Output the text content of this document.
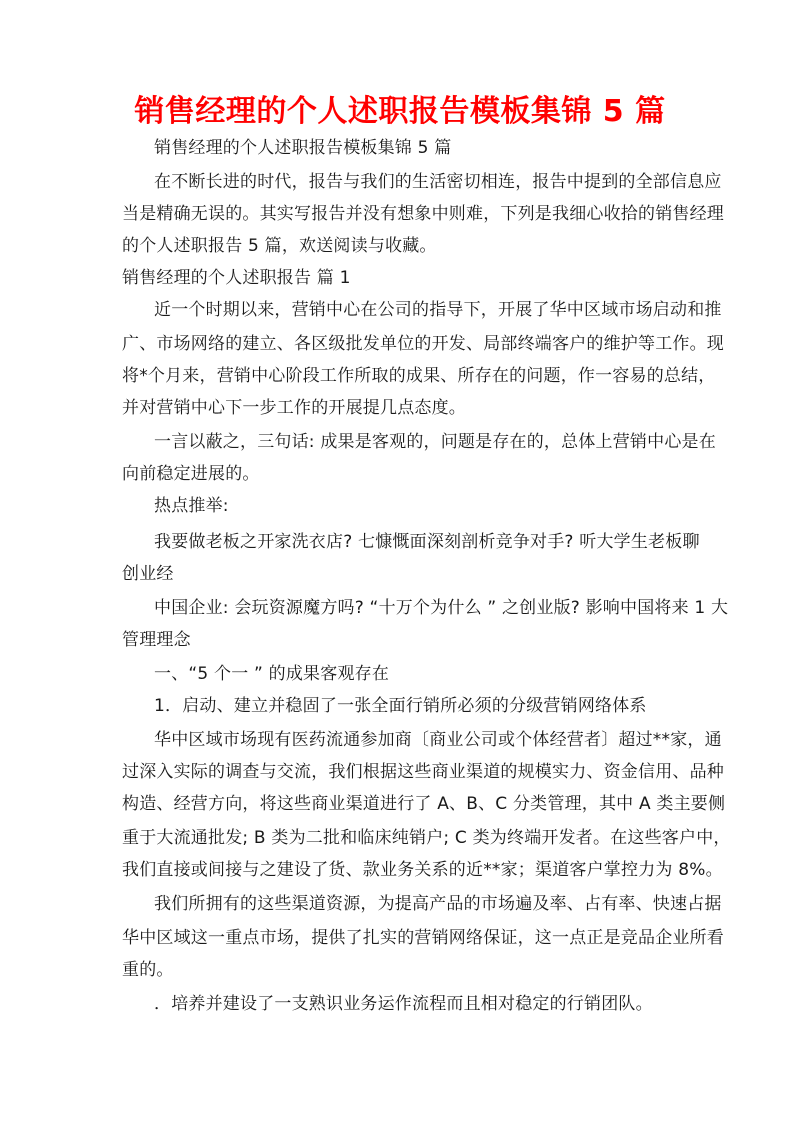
销售经理的个人述职报告模板集锦 5 篇

销售经理的个人述职报告模板集锦 5 篇

在不断长进的时代，报告与我们的生活密切相连，报告中提到的全部信息应

当是精确无误的。其实写报告并没有想象中则难，下列是我细心收拾的销售经理

的个人述职报告 5 篇，欢送阅读与收藏。

销售经理的个人述职报告 篇 1

近一个时期以来，营销中心在公司的指导下，开展了华中区域市场启动和推

广、市场网络的建立、各区级批发单位的开发、局部终端客户的维护等工作。现

将*个月来，营销中心阶段工作所取的成果、所存在的问题，作一容易的总结，

并对营销中心下一步工作的开展提几点态度。

一言以蔽之，三句话: 成果是客观的，问题是存在的，总体上营销中心是在

向前稳定进展的。

热点推举:

我要做老板之开家洗衣店? 七慷慨面深刻剖析竞争对手? 听大学生老板聊

创业经

中国企业: 会玩资源魔方吗? “十万个为什么 ” 之创业版? 影响中国将来 1 大

管理理念

一、“5 个一 ” 的成果客观存在

1．启动、建立并稳固了一张全面行销所必须的分级营销网络体系

华中区域市场现有医药流通参加商〔商业公司或个体经营者〕超过**家，通

过深入实际的调查与交流，我们根据这些商业渠道的规模实力、资金信用、品种

构造、经营方向，将这些商业渠道进行了 A、B、C 分类管理，其中 A 类主要侧

重于大流通批发; B 类为二批和临床纯销户; C 类为终端开发者。在这些客户中，

我们直接或间接与之建设了货、款业务关系的近**家；渠道客户掌控力为 8%。

我们所拥有的这些渠道资源，为提高产品的市场遍及率、占有率、快速占据

华中区域这一重点市场，提供了扎实的营销网络保证，这一点正是竞品企业所看

重的。

．培养并建设了一支熟识业务运作流程而且相对稳定的行销团队。
